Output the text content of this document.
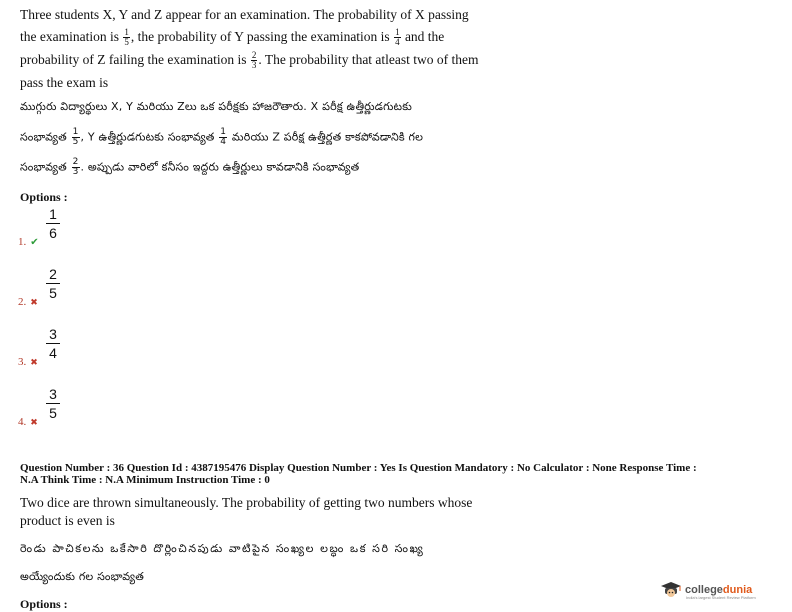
Three students X, Y and Z appear for an examination. The probability of X passing
the examination is $\frac{1}{5}$ , the probability of Y passing the examination is $\frac{1}{4}$ and the
probability of Z failing the examination is $\frac{2}{3}$ . The probability that atleast two of them
pass the exam is
ముగ్గురు విద్యార్థులు X, Y మరియు Zలు ఒక పరీక్షకు హాజరౌతారు. X పరీక్ష ఉత్తీర్ణుడగుటకు
సంభావ్యత $\frac{1}{5}$ , Y ఉత్తీర్ణుడగుటకు సంభావ్యత $\frac{1}{4}$ మరియు Z పరీక్ష ఉత్తీర్ణత కాకపోవడానికి గల
సంభావ్యత $\frac{2}{3}$ . అప్పుడు వారిలో కనీసం ఇద్దరు ఉత్తీర్ణులు కావడానికి సంభావ్యత
Options :
1. ✔
1
6
2. ✖
2
5
3. ✖
3
4
4. ✖
3
5
Question Number : 36 Question Id : 4387195476 Display Question Number : Yes Is Question Mandatory : No Calculator : None Response Time :
N.A Think Time : N.A Minimum Instruction Time : 0
Two dice are thrown simultaneously. The probability of getting two numbers whose
product is even is
రెండు పాచికలను ఒకేసారి దొర్లించినపుడు వాటిపైన సంఖ్యల లబ్ధం ఒక సరి సంఖ్య
అయ్యేందుకు గల సంభావ్యత
Options :
collegedunia
India's largest Student Review Platform
